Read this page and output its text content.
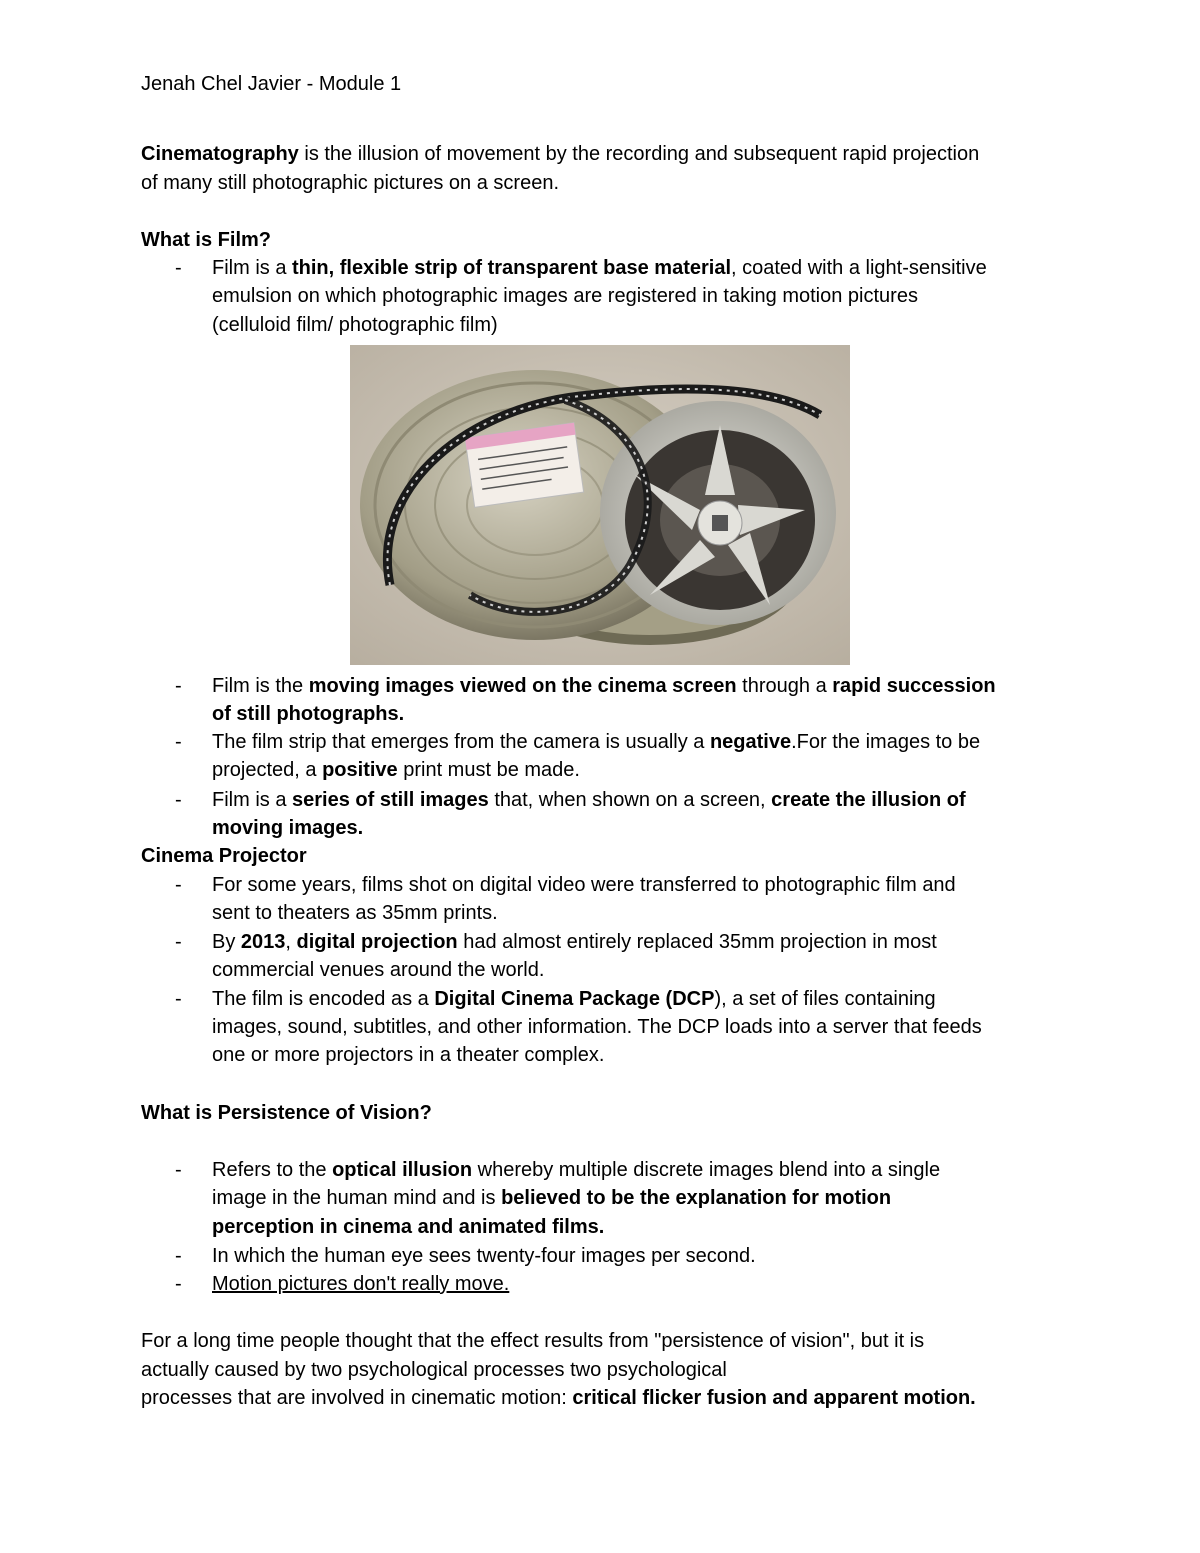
Jenah Chel Javier - Module 1
Cinematography is the illusion of movement by the recording and subsequent rapid projection
of many still photographic pictures on a screen.
What is Film?
- Film is a thin, flexible strip of transparent base material, coated with a light-sensitive
emulsion on which photographic images are registered in taking motion pictures
(celluloid film/ photographic film)
- Film is the moving images viewed on the cinema screen through a rapid succession
of still photographs.
- The film strip that emerges from the camera is usually a negative.For the images to be
projected, a positive print must be made.
- Film is a series of still images that, when shown on a screen, create the illusion of
moving images.
Cinema Projector
- For some years, films shot on digital video were transferred to photographic film and
sent to theaters as 35mm prints.
- By 2013, digital projection had almost entirely replaced 35mm projection in most
commercial venues around the world.
- The film is encoded as a Digital Cinema Package (DCP), a set of files containing
images, sound, subtitles, and other information. The DCP loads into a server that feeds
one or more projectors in a theater complex.
What is Persistence of Vision?
- Refers to the optical illusion whereby multiple discrete images blend into a single
image in the human mind and is believed to be the explanation for motion
perception in cinema and animated films.
- In which the human eye sees twenty-four images per second.
- Motion pictures don't really move.
For a long time people thought that the effect results from "persistence of vision", but it is
actually caused by two psychological processes two psychological
processes that are involved in cinematic motion: critical flicker fusion and apparent motion.
